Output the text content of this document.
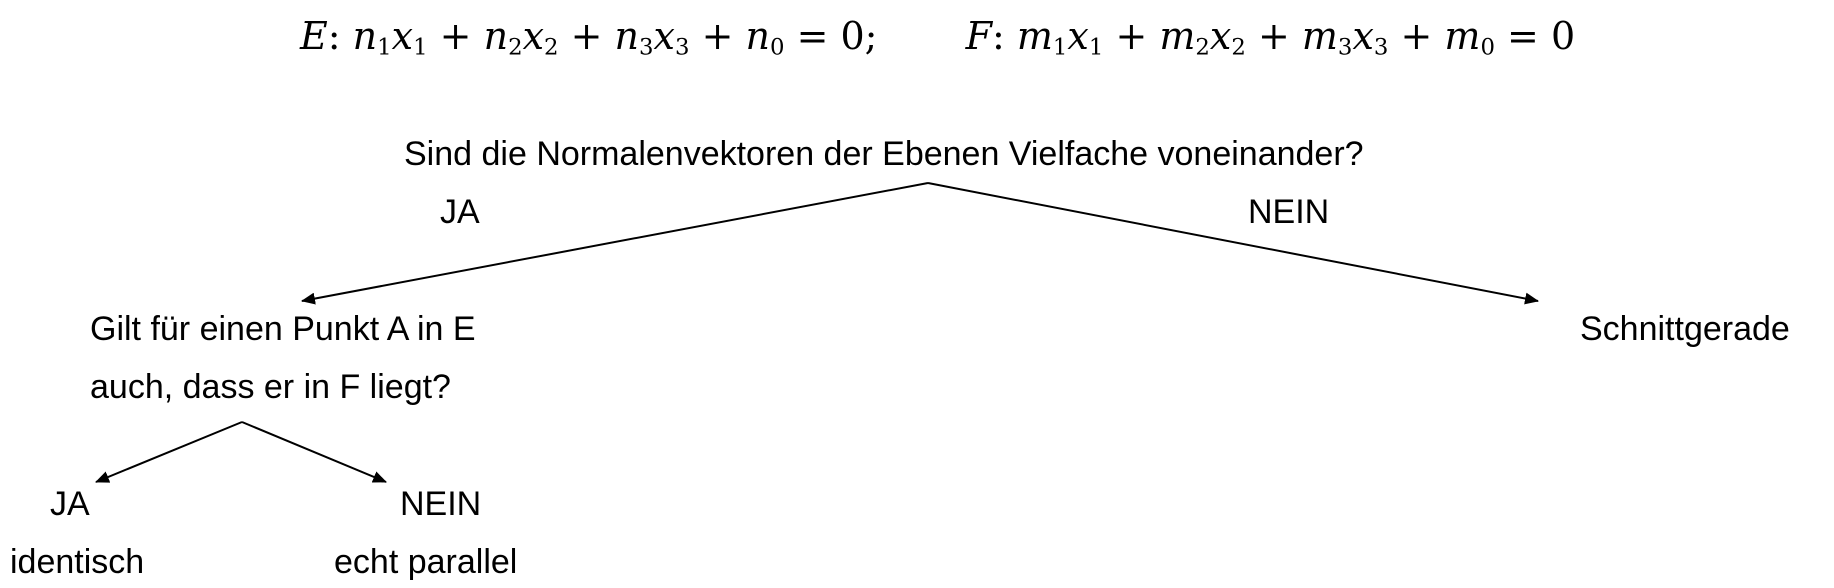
E: $n_1x_1 + n_2x_2 + n_3x_3 + n_0 = 0$; F: $m_1x_1 + m_2x_2 + m_3x_3 + m_0 = 0$
Sind die Normalenvektoren der Ebenen Vielfache voneinander?
JA	NEIN
Schnittgerade
Gilt für einen Punkt A in E
auch, dass er in F liegt?
JA	NEIN
identisch	echt parallel
